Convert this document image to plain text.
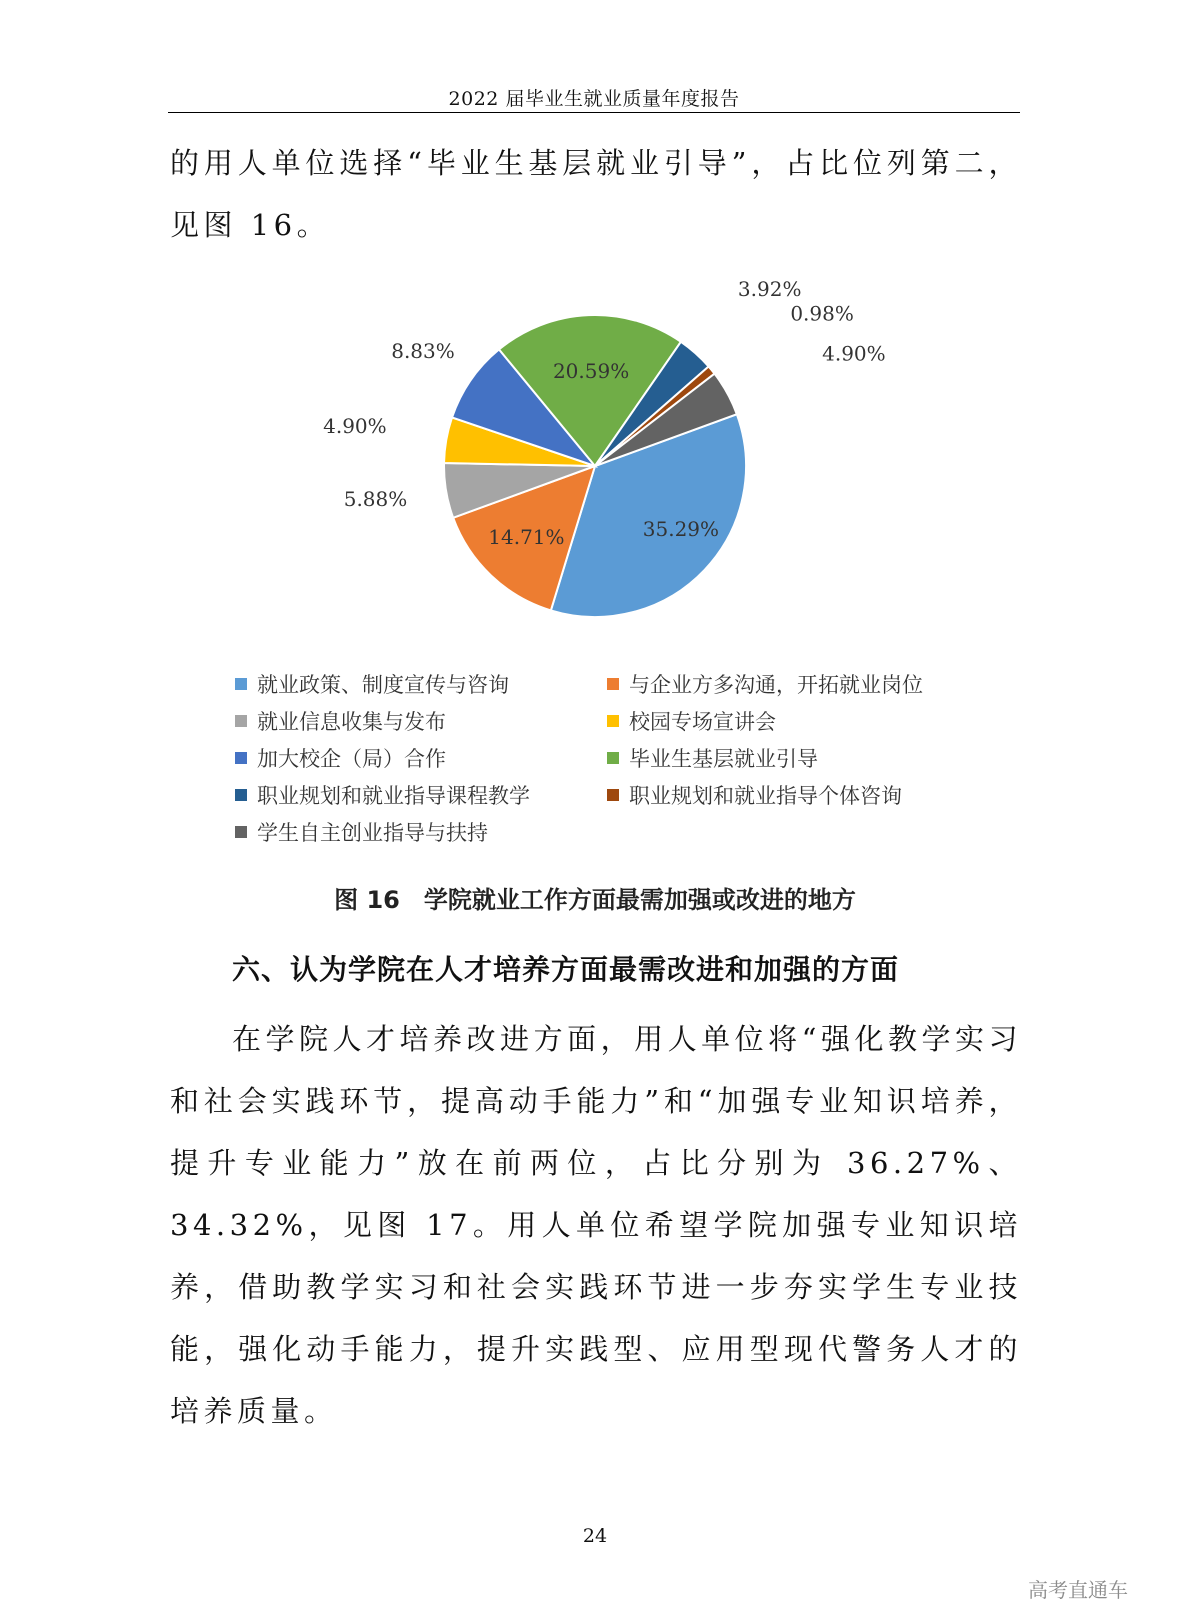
2022 届毕业生就业质量年度报告
的用人单位选择“毕业生基层就业引导”，占比位列第二，见图 16。
35.29%
14.71%
5.88%
4.90%
8.83%
20.59%
3.92%
0.98%
4.90%
就业政策、制度宣传与咨询	与企业方多沟通，开拓就业岗位
就业信息收集与发布	校园专场宣讲会
加大校企（局）合作	毕业生基层就业引导
职业规划和就业指导课程教学	职业规划和就业指导个体咨询
学生自主创业指导与扶持
图 16　学院就业工作方面最需加强或改进的地方
六、认为学院在人才培养方面最需改进和加强的方面
在学院人才培养改进方面，用人单位将“强化教学实习和社会实践环节，提高动手能力”和“加强专业知识培养，提升专业能力”放在前两位，占比分别为 36.27%、34.32%，见图 17。用人单位希望学院加强专业知识培养，借助教学实习和社会实践环节进一步夯实学生专业技能，强化动手能力，提升实践型、应用型现代警务人才的培养质量。
24
高考直通车
